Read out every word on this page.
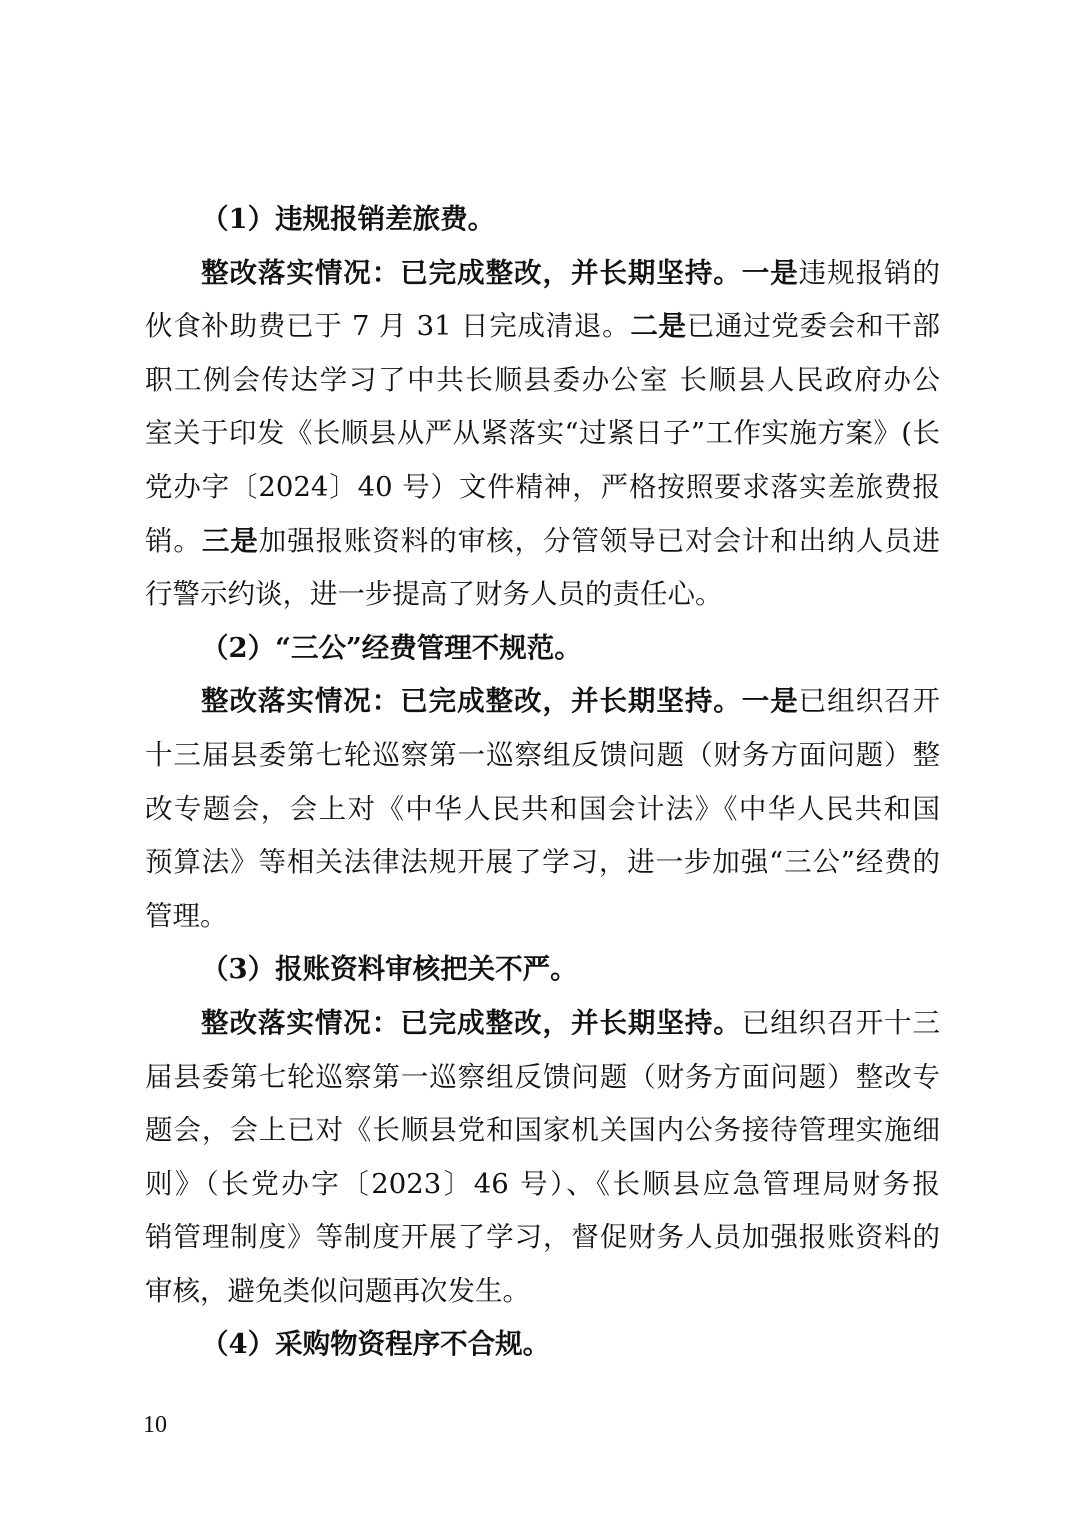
（1）违规报销差旅费。
整改落实情况：已完成整改，并长期坚持。一是违规报销的
伙食补助费已于 7 月 31 日完成清退。二是已通过党委会和干部
职工例会传达学习了中共长顺县委办公室 长顺县人民政府办公
室关于印发《长顺县从严从紧落实“过紧日子”工作实施方案》(长
党办字〔2024〕40 号）文件精神，严格按照要求落实差旅费报
销。三是加强报账资料的审核，分管领导已对会计和出纳人员进
行警示约谈，进一步提高了财务人员的责任心。
（2）“三公”经费管理不规范。
整改落实情况：已完成整改，并长期坚持。一是已组织召开
十三届县委第七轮巡察第一巡察组反馈问题（财务方面问题）整
改专题会，会上对《中华人民共和国会计法》《中华人民共和国
预算法》等相关法律法规开展了学习，进一步加强“三公”经费的
管理。
（3）报账资料审核把关不严。
整改落实情况：已完成整改，并长期坚持。已组织召开十三
届县委第七轮巡察第一巡察组反馈问题（财务方面问题）整改专
题会，会上已对《长顺县党和国家机关国内公务接待管理实施细
则》（长党办字〔2023〕46 号）、《长顺县应急管理局财务报
销管理制度》等制度开展了学习，督促财务人员加强报账资料的
审核，避免类似问题再次发生。
（4）采购物资程序不合规。
10
